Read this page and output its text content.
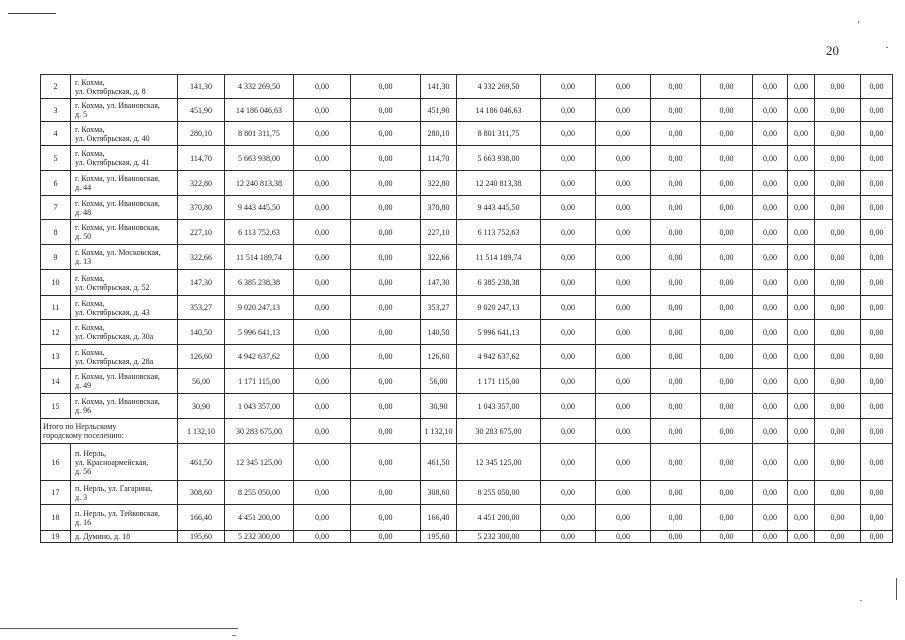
20
2	г. Кохма,
ул. Октябрьская, д. 8	141,30	4 332 269,50	0,00	0,00	141,30	4 332 269,50	0,00	0,00	0,00	0,00	0,00	0,00	0,00	0,00
3	г. Кохма, ул. Ивановская,
д. 5	451,90	14 186 046,63	0,00	0,00	451,90	14 186 046,63	0,00	0,00	0,00	0,00	0,00	0,00	0,00	0,00
4	г. Кохма,
ул. Октябрьская, д. 40	280,10	8 801 311,75	0,00	0,00	280,10	8 801 311,75	0,00	0,00	0,00	0,00	0,00	0,00	0,00	0,00
5	г. Кохма,
ул. Октябрьская, д. 41	114,70	5 663 938,00	0,00	0,00	114,70	5 663 938,00	0,00	0,00	0,00	0,00	0,00	0,00	0,00	0,00
6	г. Кохма, ул. Ивановская,
д. 44	322,80	12 240 813,38	0,00	0,00	322,80	12 240 813,38	0,00	0,00	0,00	0,00	0,00	0,00	0,00	0,00
7	г. Кохма, ул. Ивановская,
д. 48	370,80	9 443 445,50	0,00	0,00	370,80	9 443 445,50	0,00	0,00	0,00	0,00	0,00	0,00	0,00	0,00
8	г. Кохма, ул. Ивановская,
д. 50	227,10	6 113 752,63	0,00	0,00	227,10	6 113 752,63	0,00	0,00	0,00	0,00	0,00	0,00	0,00	0,00
9	г. Кохма, ул. Московская,
д. 13	322,66	11 514 189,74	0,00	0,00	322,66	11 514 189,74	0,00	0,00	0,00	0,00	0,00	0,00	0,00	0,00
10	г. Кохма,
ул. Октябрьская, д. 52	147,30	6 385 238,38	0,00	0,00	147,30	6 385 238,38	0,00	0,00	0,00	0,00	0,00	0,00	0,00	0,00
11	г. Кохма,
ул. Октябрьская, д. 43	353,27	9 020 247,13	0,00	0,00	353,27	9 020 247,13	0,00	0,00	0,00	0,00	0,00	0,00	0,00	0,00
12	г. Кохма,
ул. Октябрьская, д. 30а	140,50	5 996 641,13	0,00	0,00	140,50	5 996 641,13	0,00	0,00	0,00	0,00	0,00	0,00	0,00	0,00
13	г. Кохма,
ул. Октябрьская, д. 28а	126,60	4 942 637,62	0,00	0,00	126,60	4 942 637,62	0,00	0,00	0,00	0,00	0,00	0,00	0,00	0,00
14	г. Кохма, ул. Ивановская,
д. 49	56,00	1 171 115,00	0,00	0,00	56,00	1 171 115,00	0,00	0,00	0,00	0,00	0,00	0,00	0,00	0,00
15	г. Кохма, ул. Ивановская,
д. 96	30,90	1 043 357,00	0,00	0,00	30,90	1 043 357,00	0,00	0,00	0,00	0,00	0,00	0,00	0,00	0,00

Итого по Нерльскому
городскому поселению:		1 132,10	30 283 675,00	0,00	0,00	1 132,10	30 283 675,00	0,00	0,00	0,00	0,00	0,00	0,00	0,00	0,00
16	п. Нерль,
ул. Красноармейская,
д. 56	461,50	12 345 125,00	0,00	0,00	461,50	12 345 125,00	0,00	0,00	0,00	0,00	0,00	0,00	0,00	0,00
17	п. Нерль, ул. Гагарина,
д. 3	308,60	8 255 050,00	0,00	0,00	308,60	8 255 050,00	0,00	0,00	0,00	0,00	0,00	0,00	0,00	0,00
18	п. Нерль, ул. Тейковская,
д. 16	166,40	4 451 200,00	0,00	0,00	166,40	4 451 200,00	0,00	0,00	0,00	0,00	0,00	0,00	0,00	0,00
19	д. Думино, д. 18	195,60	5 232 300,00	0,00	0,00	195,60	5 232 300,00	0,00	0,00	0,00	0,00	0,00	0,00	0,00	0,00
